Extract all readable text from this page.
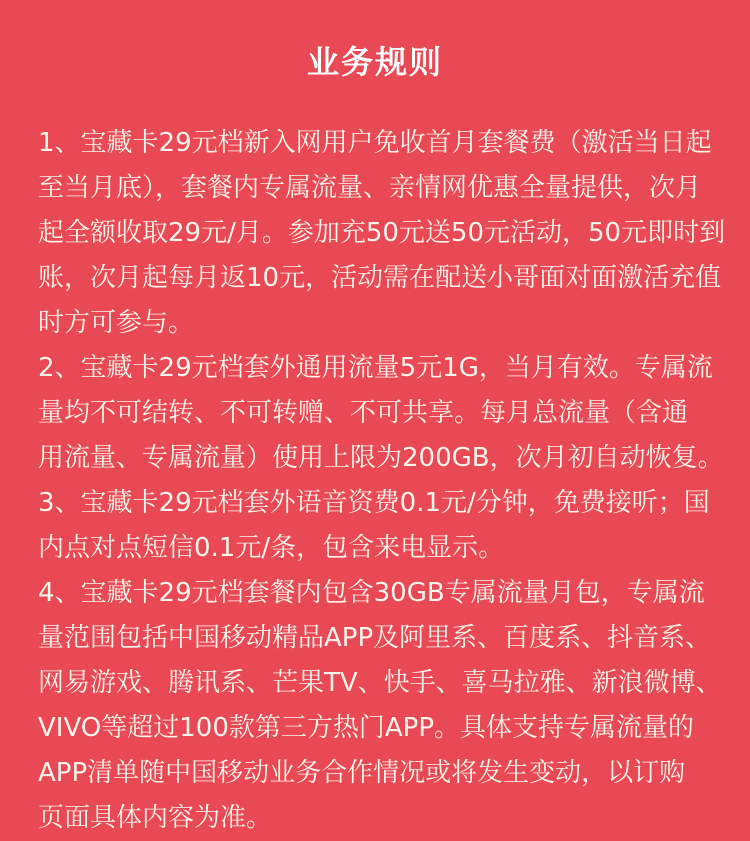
业务规则

1、宝藏卡29元档新入网用户免收首月套餐费（激活当日起
至当月底），套餐内专属流量、亲情网优惠全量提供，次月
起全额收取29元/月。参加充50元送50元活动，50元即时到
账，次月起每月返10元，活动需在配送小哥面对面激活充值
时方可参与。

2、宝藏卡29元档套外通用流量5元1G，当月有效。专属流
量均不可结转、不可转赠、不可共享。每月总流量（含通
用流量、专属流量）使用上限为200GB，次月初自动恢复。

3、宝藏卡29元档套外语音资费0.1元/分钟，免费接听；国
内点对点短信0.1元/条，包含来电显示。

4、宝藏卡29元档套餐内包含30GB专属流量月包，专属流
量范围包括中国移动精品APP及阿里系、百度系、抖音系、
网易游戏、腾讯系、芒果TV、快手、喜马拉雅、新浪微博、
VIVO等超过100款第三方热门APP。具体支持专属流量的
APP清单随中国移动业务合作情况或将发生变动，以订购
页面具体内容为准。
